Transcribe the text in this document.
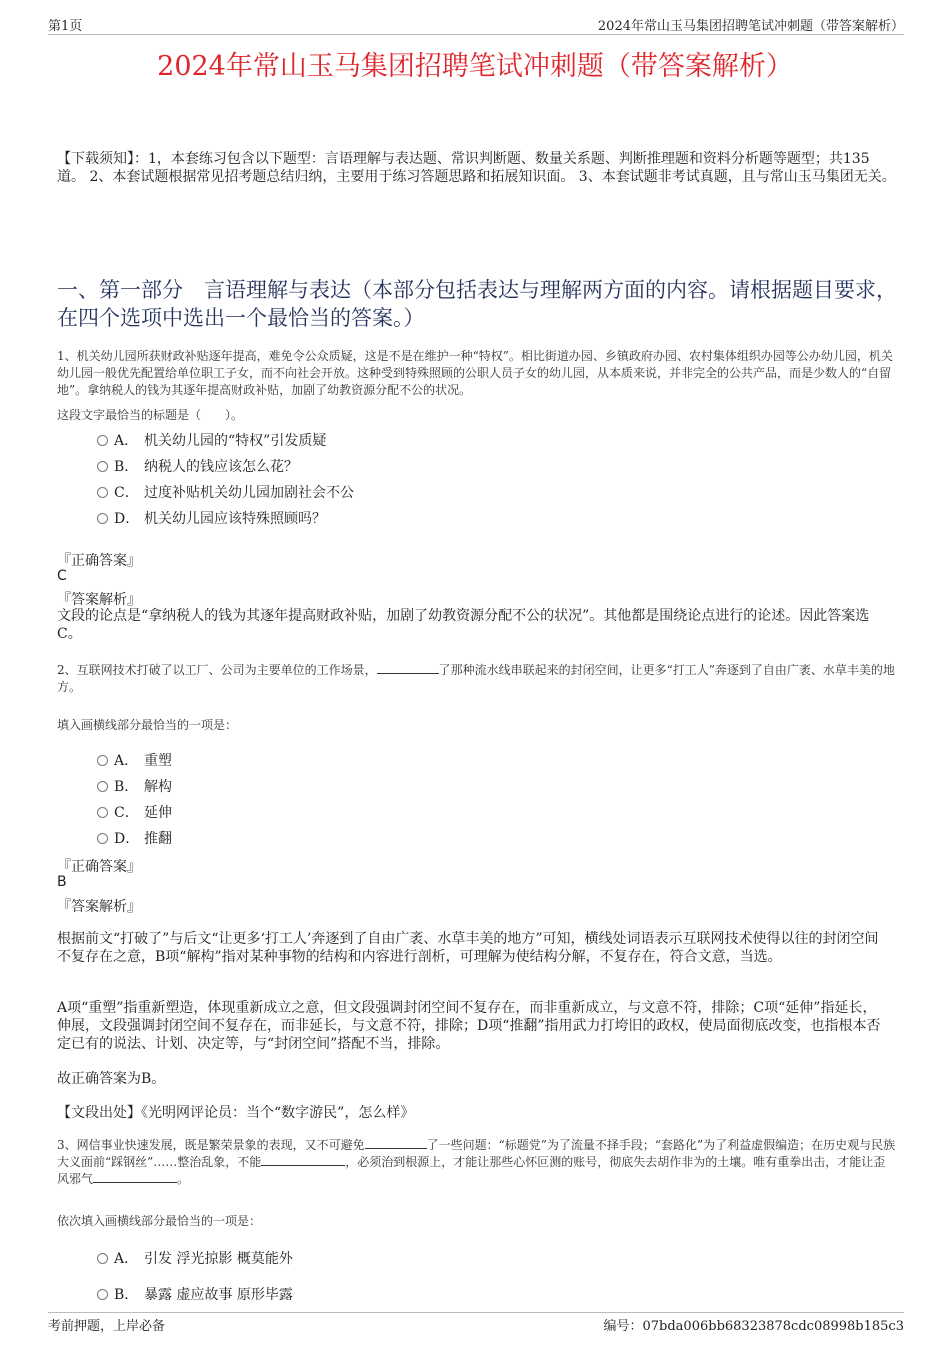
第1页	2024年常山玉马集团招聘笔试冲刺题（带答案解析）
2024年常山玉马集团招聘笔试冲刺题（带答案解析）
【下载须知】：1，本套练习包含以下题型：言语理解与表达题、常识判断题、数量关系题、判断推理题和资料分析题等题型；共135道。 2、本套试题根据常见招考题总结归纳，主要用于练习答题思路和拓展知识面。 3、本套试题非考试真题，且与常山玉马集团无关。
一、第一部分　言语理解与表达（本部分包括表达与理解两方面的内容。请根据题目要求，在四个选项中选出一个最恰当的答案。）
1、机关幼儿园所获财政补贴逐年提高，难免令公众质疑，这是不是在维护一种“特权”。相比街道办园、乡镇政府办园、农村集体组织办园等公办幼儿园，机关幼儿园一般优先配置给单位职工子女，而不向社会开放。这种受到特殊照顾的公职人员子女的幼儿园，从本质来说，并非完全的公共产品，而是少数人的“自留地”。拿纳税人的钱为其逐年提高财政补贴，加剧了幼教资源分配不公的状况。
这段文字最恰当的标题是（　　）。
A． 机关幼儿园的“特权”引发质疑
B． 纳税人的钱应该怎么花？
C． 过度补贴机关幼儿园加剧社会不公
D． 机关幼儿园应该特殊照顾吗？
『正确答案』
C
『答案解析』
文段的论点是“拿纳税人的钱为其逐年提高财政补贴，加剧了幼教资源分配不公的状况”。其他都是围绕论点进行的论述。因此答案选C。
2、互联网技术打破了以工厂、公司为主要单位的工作场景，	了那种流水线串联起来的封闭空间，让更多“打工人”奔逐到了自由广袤、水草丰美的地方。
填入画横线部分最恰当的一项是：
A． 重塑
B． 解构
C． 延伸
D． 推翻
『正确答案』
B
『答案解析』
根据前文“打破了”与后文“让更多‘打工人’奔逐到了自由广袤、水草丰美的地方”可知，横线处词语表示互联网技术使得以往的封闭空间不复存在之意，B项“解构”指对某种事物的结构和内容进行剖析，可理解为使结构分解，不复存在，符合文意，当选。
A项“重塑”指重新塑造，体现重新成立之意，但文段强调封闭空间不复存在，而非重新成立，与文意不符，排除；C项“延伸”指延长，伸展，文段强调封闭空间不复存在，而非延长，与文意不符，排除；D项“推翻”指用武力打垮旧的政权，使局面彻底改变，也指根本否定已有的说法、计划、决定等，与“封闭空间”搭配不当，排除。
故正确答案为B。
【文段出处】《光明网评论员：当个“数字游民”，怎么样》
3、网信事业快速发展，既是繁荣景象的表现，又不可避免	了一些问题：“标题党”为了流量不择手段；“套路化”为了利益虚假编造；在历史观与民族大义面前“踩钢丝”……整治乱象，不能	，必须治到根源上，才能让那些心怀叵测的账号，彻底失去胡作非为的土壤。唯有重拳出击，才能让歪风邪气	。
依次填入画横线部分最恰当的一项是：
A． 引发 浮光掠影 概莫能外
B． 暴露 虚应故事 原形毕露
考前押题，上岸必备	编号：07bda006bb68323878cdc08998b185c3
